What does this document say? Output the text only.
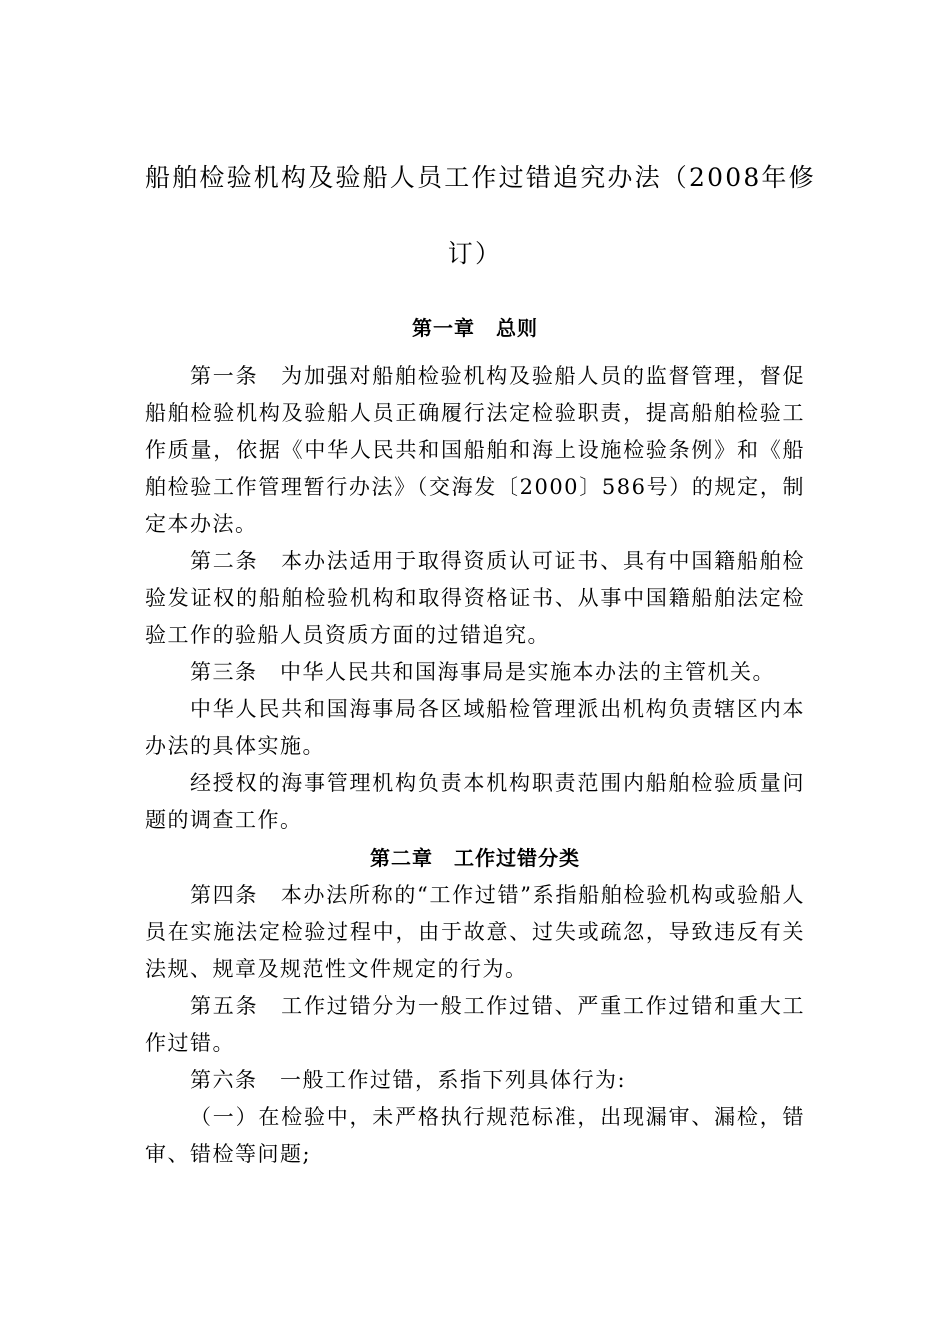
船舶检验机构及验船人员工作过错追究办法（2008年修
订）
第一章　总则

第一条　为加强对船舶检验机构及验船人员的监督管理，督促船舶检验机构及验船人员正确履行法定检验职责，提高船舶检验工作质量，依据《中华人民共和国船舶和海上设施检验条例》和《船舶检验工作管理暂行办法》（交海发〔2000〕586号）的规定，制定本办法。

第二条　本办法适用于取得资质认可证书、具有中国籍船舶检验发证权的船舶检验机构和取得资格证书、从事中国籍船舶法定检验工作的验船人员资质方面的过错追究。

第三条　中华人民共和国海事局是实施本办法的主管机关。

中华人民共和国海事局各区域船检管理派出机构负责辖区内本办法的具体实施。

经授权的海事管理机构负责本机构职责范围内船舶检验质量问题的调查工作。

第二章　工作过错分类

第四条　本办法所称的“工作过错”系指船舶检验机构或验船人员在实施法定检验过程中，由于故意、过失或疏忽，导致违反有关法规、规章及规范性文件规定的行为。

第五条　工作过错分为一般工作过错、严重工作过错和重大工作过错。

第六条　一般工作过错，系指下列具体行为:

（一）在检验中，未严格执行规范标准，出现漏审、漏检，错审、错检等问题;
